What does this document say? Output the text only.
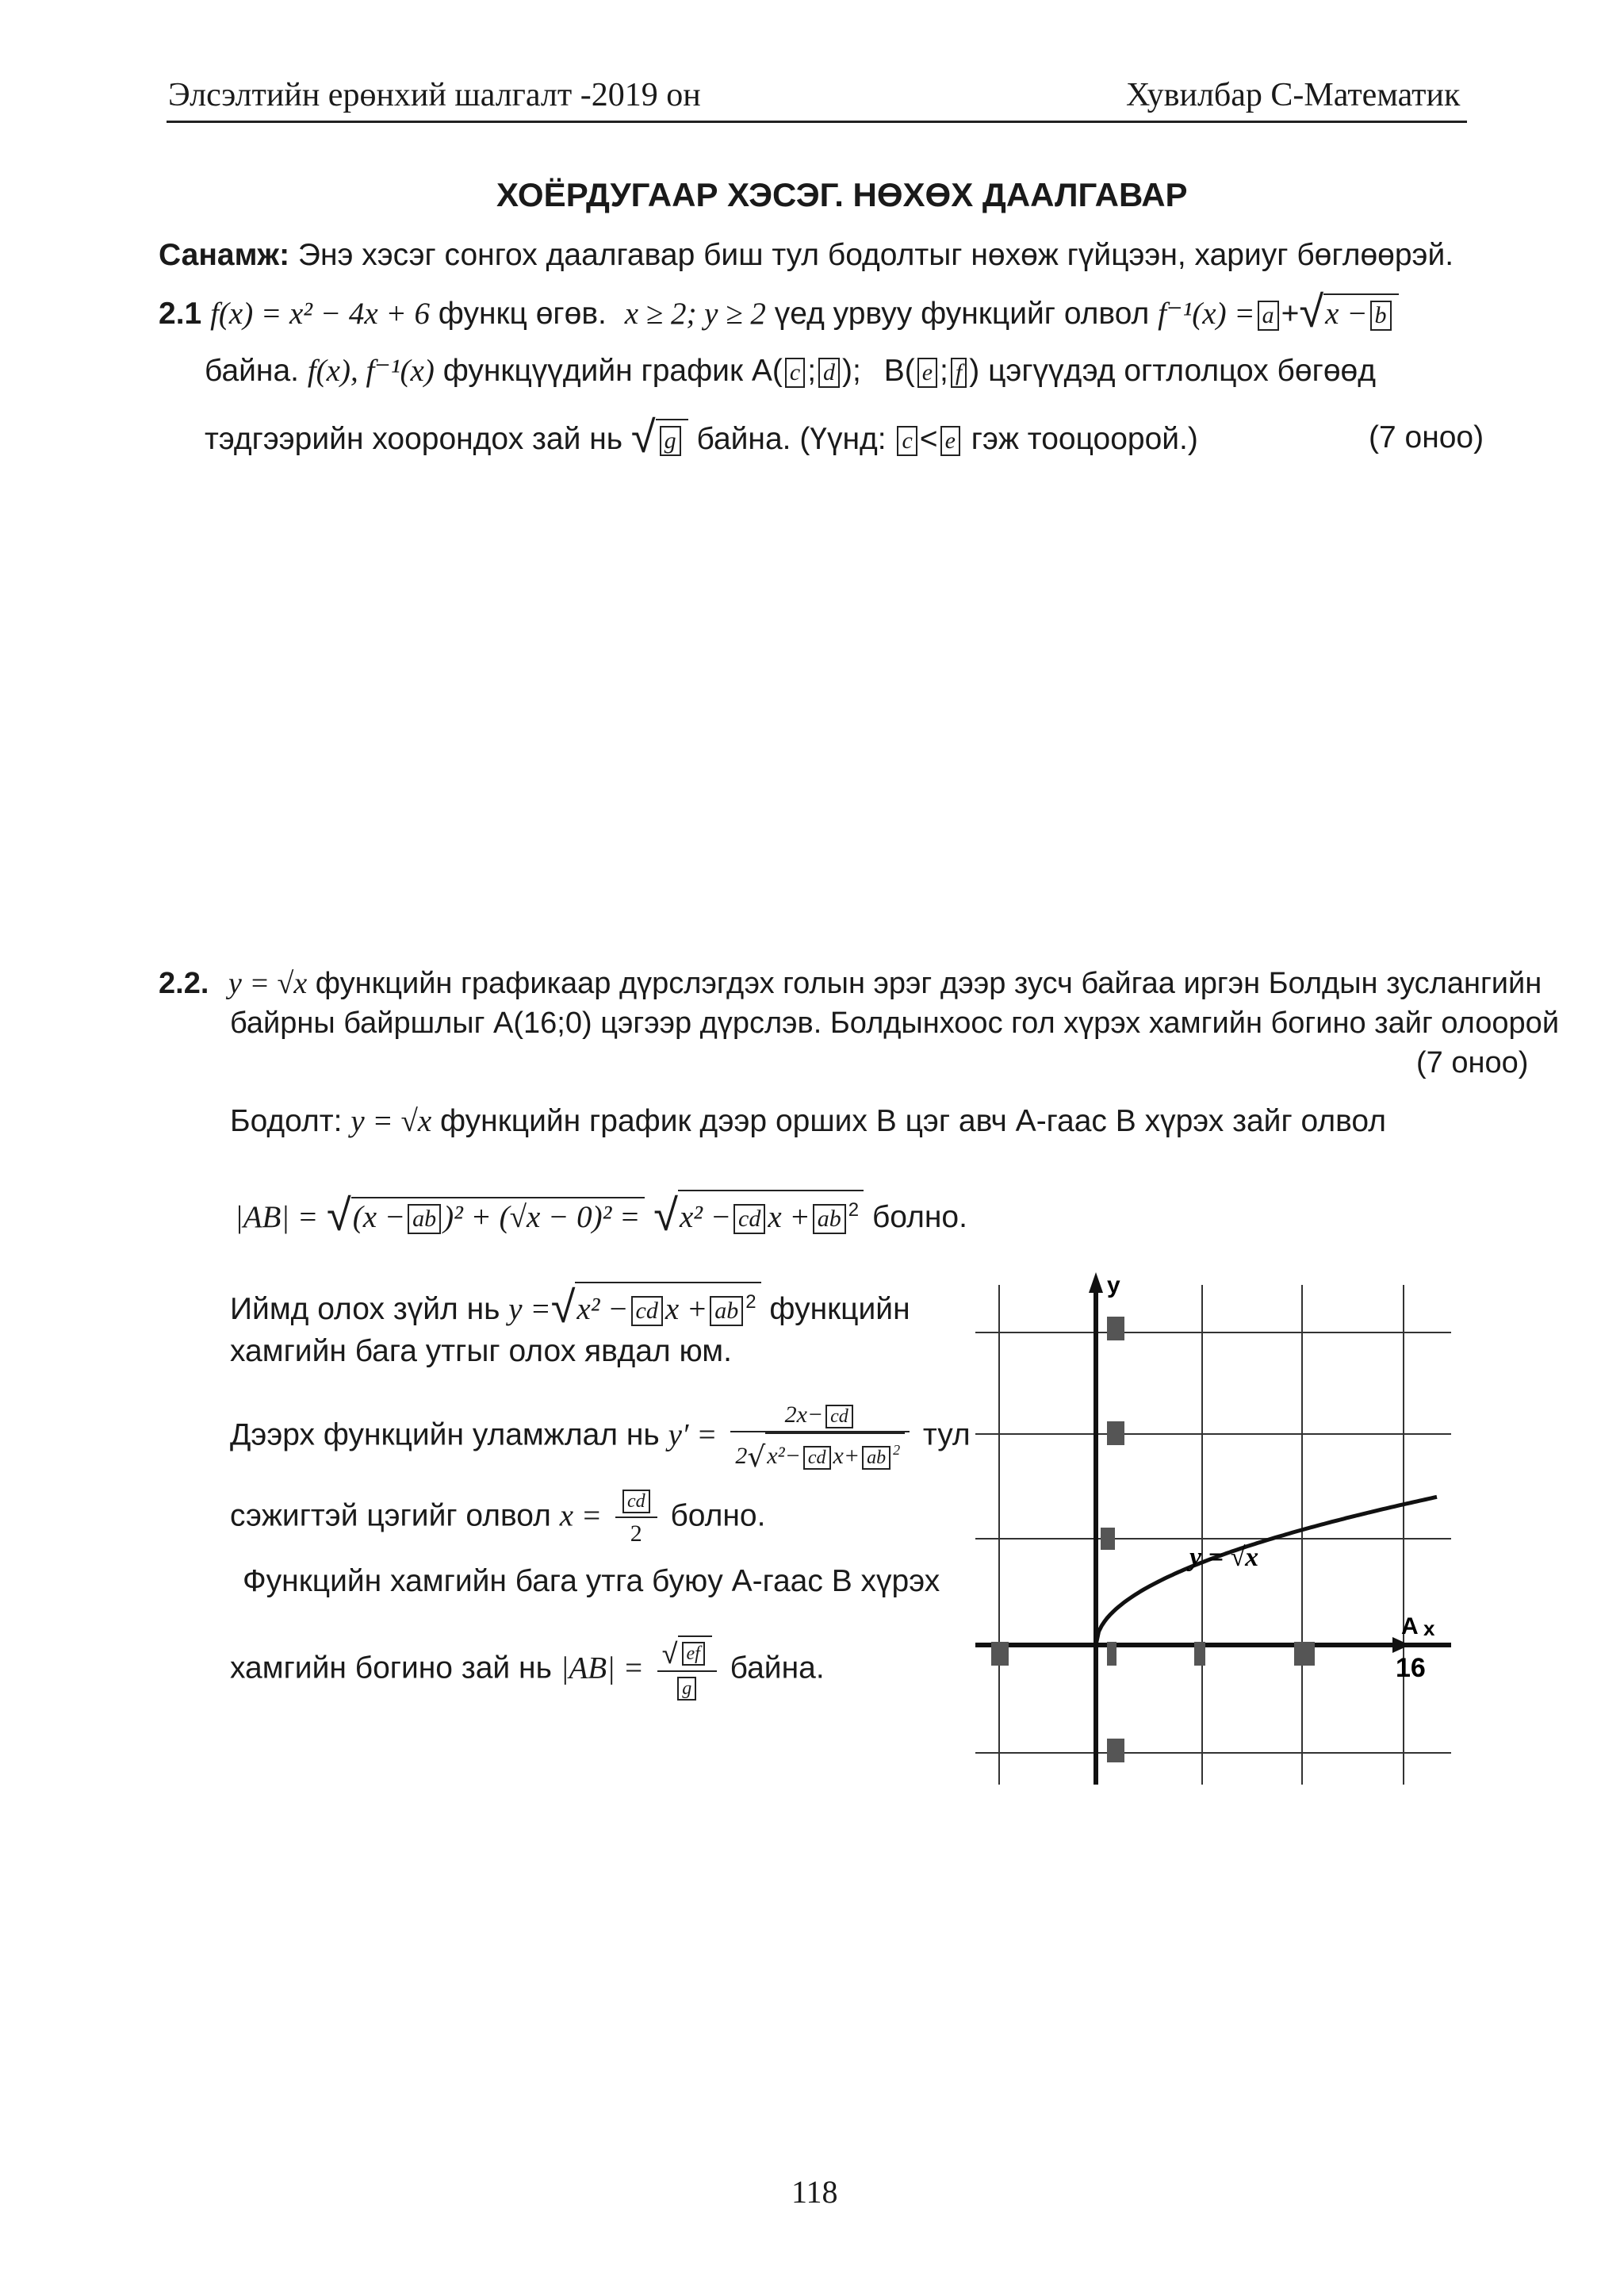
Элсэлтийн ерөнхий шалгалт -2019 он	Хувилбар C-Математик
ХОЁРДУГААР ХЭСЭГ. НӨХӨХ ДААЛГАВАР
Санамж: Энэ хэсэг сонгох даалгавар биш тул бодолтыг нөхөж гүйцээн, хариуг бөглөөрэй.
2.1 f(x) = x² − 4x + 6 функц өгөв. x ≥ 2; y ≥ 2 үед урвуу функцийг олвол f⁻¹(x) = a +√x − b
байна. f(x), f⁻¹(x) функцүүдийн график A( c ; d ); B( e ; f ) цэгүүдэд огтлолцох бөгөөд
тэдгээрийн хоорондох зай нь √ g байна. (Үүнд: c < e гэж тооцоорой.)	(7 оноо)
2.2. y = √x функцийн графикаар дүрслэгдэх голын эрэг дээр зусч байгаа иргэн Болдын зуслангийн
байрны байршлыг A(16;0) цэгээр дүрслэв. Болдынхоос гол хүрэх хамгийн богино зайг олоорой
(7 оноо)
Бодолт: y = √x функцийн график дээр орших B цэг авч A-гаас B хүрэх зайг олвол
|AB| = √(x − ab )² + (√x − 0)² = √x² − cd x + ab $^2$ болно.
Иймд олох зүйл нь y =√x² − cd x + ab $^2$ функцийн
хамгийн бага утгыг олох явдал юм.
Дээрх функцийн уламжлал нь $y' = \frac{2x- cd}{2√x^2- cd x+ ab ^2}$ тул
сэжигтэй цэгийг олвол $x = \frac{cd}{2}$ болно.
Функцийн хамгийн бага утга буюу A-гаас B хүрэх
хамгийн богино зай нь $|AB| = \frac{√ ef}{g}$ байна.
y
x
A
16
y = √x
118
